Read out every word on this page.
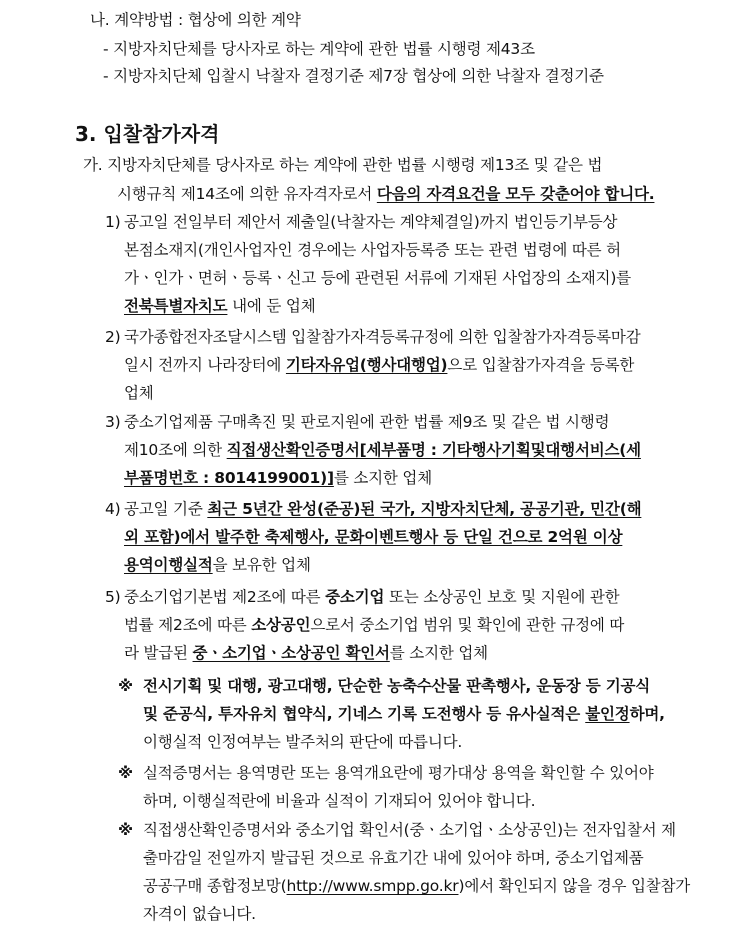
나. 계약방법 : 협상에 의한 계약
- 지방자치단체를 당사자로 하는 계약에 관한 법률 시행령 제43조
- 지방자치단체 입찰시 낙찰자 결정기준 제7장 협상에 의한 낙찰자 결정기준
3. 입찰참가자격
가. 지방자치단체를 당사자로 하는 계약에 관한 법률 시행령 제13조 및 같은 법
시행규칙 제14조에 의한 유자격자로서 다음의 자격요건을 모두 갖춘어야 합니다.
1) 공고일 전일부터 제안서 제출일(낙찰자는 계약체결일)까지 법인등기부등상
본점소재지(개인사업자인 경우에는 사업자등록증 또는 관련 법령에 따른 허
가ㆍ인가ㆍ면허ㆍ등록ㆍ신고 등에 관련된 서류에 기재된 사업장의 소재지)를
전북특별자치도 내에 둔 업체
2) 국가종합전자조달시스템 입찰참가자격등록규정에 의한 입찰참가자격등록마감
일시 전까지 나라장터에 기타자유업(행사대행업)으로 입찰참가자격을 등록한
업체
3) 중소기업제품 구매촉진 및 판로지원에 관한 법률 제9조 및 같은 법 시행령
제10조에 의한 직접생산확인증명서[세부품명 : 기타행사기획및대행서비스(세
부품명번호 : 8014199001)]를 소지한 업체
4) 공고일 기준 최근 5년간 완성(준공)된 국가, 지방자치단체, 공공기관, 민간(해
외 포함)에서 발주한 축제행사, 문화이벤트행사 등 단일 건으로 2억원 이상
용역이행실적을 보유한 업체
5) 중소기업기본법 제2조에 따른 중소기업 또는 소상공인 보호 및 지원에 관한
법률 제2조에 따른 소상공인으로서 중소기업 범위 및 확인에 관한 규정에 따
라 발급된 중ㆍ소기업ㆍ소상공인 확인서를 소지한 업체
※ 전시기획 및 대행, 광고대행, 단순한 농축수산물 판촉행사, 운동장 등 기공식
및 준공식, 투자유치 협약식, 기네스 기록 도전행사 등 유사실적은 불인정하며,
이행실적 인정여부는 발주처의 판단에 따릅니다.
※ 실적증명서는 용역명란 또는 용역개요란에 평가대상 용역을 확인할 수 있어야
하며, 이행실적란에 비율과 실적이 기재되어 있어야 합니다.
※ 직접생산확인증명서와 중소기업 확인서(중ㆍ소기업ㆍ소상공인)는 전자입찰서 제
출마감일 전일까지 발급된 것으로 유효기간 내에 있어야 하며, 중소기업제품
공공구매 종합정보망(http://www.smpp.go.kr)에서 확인되지 않을 경우 입찰참가
자격이 없습니다.
